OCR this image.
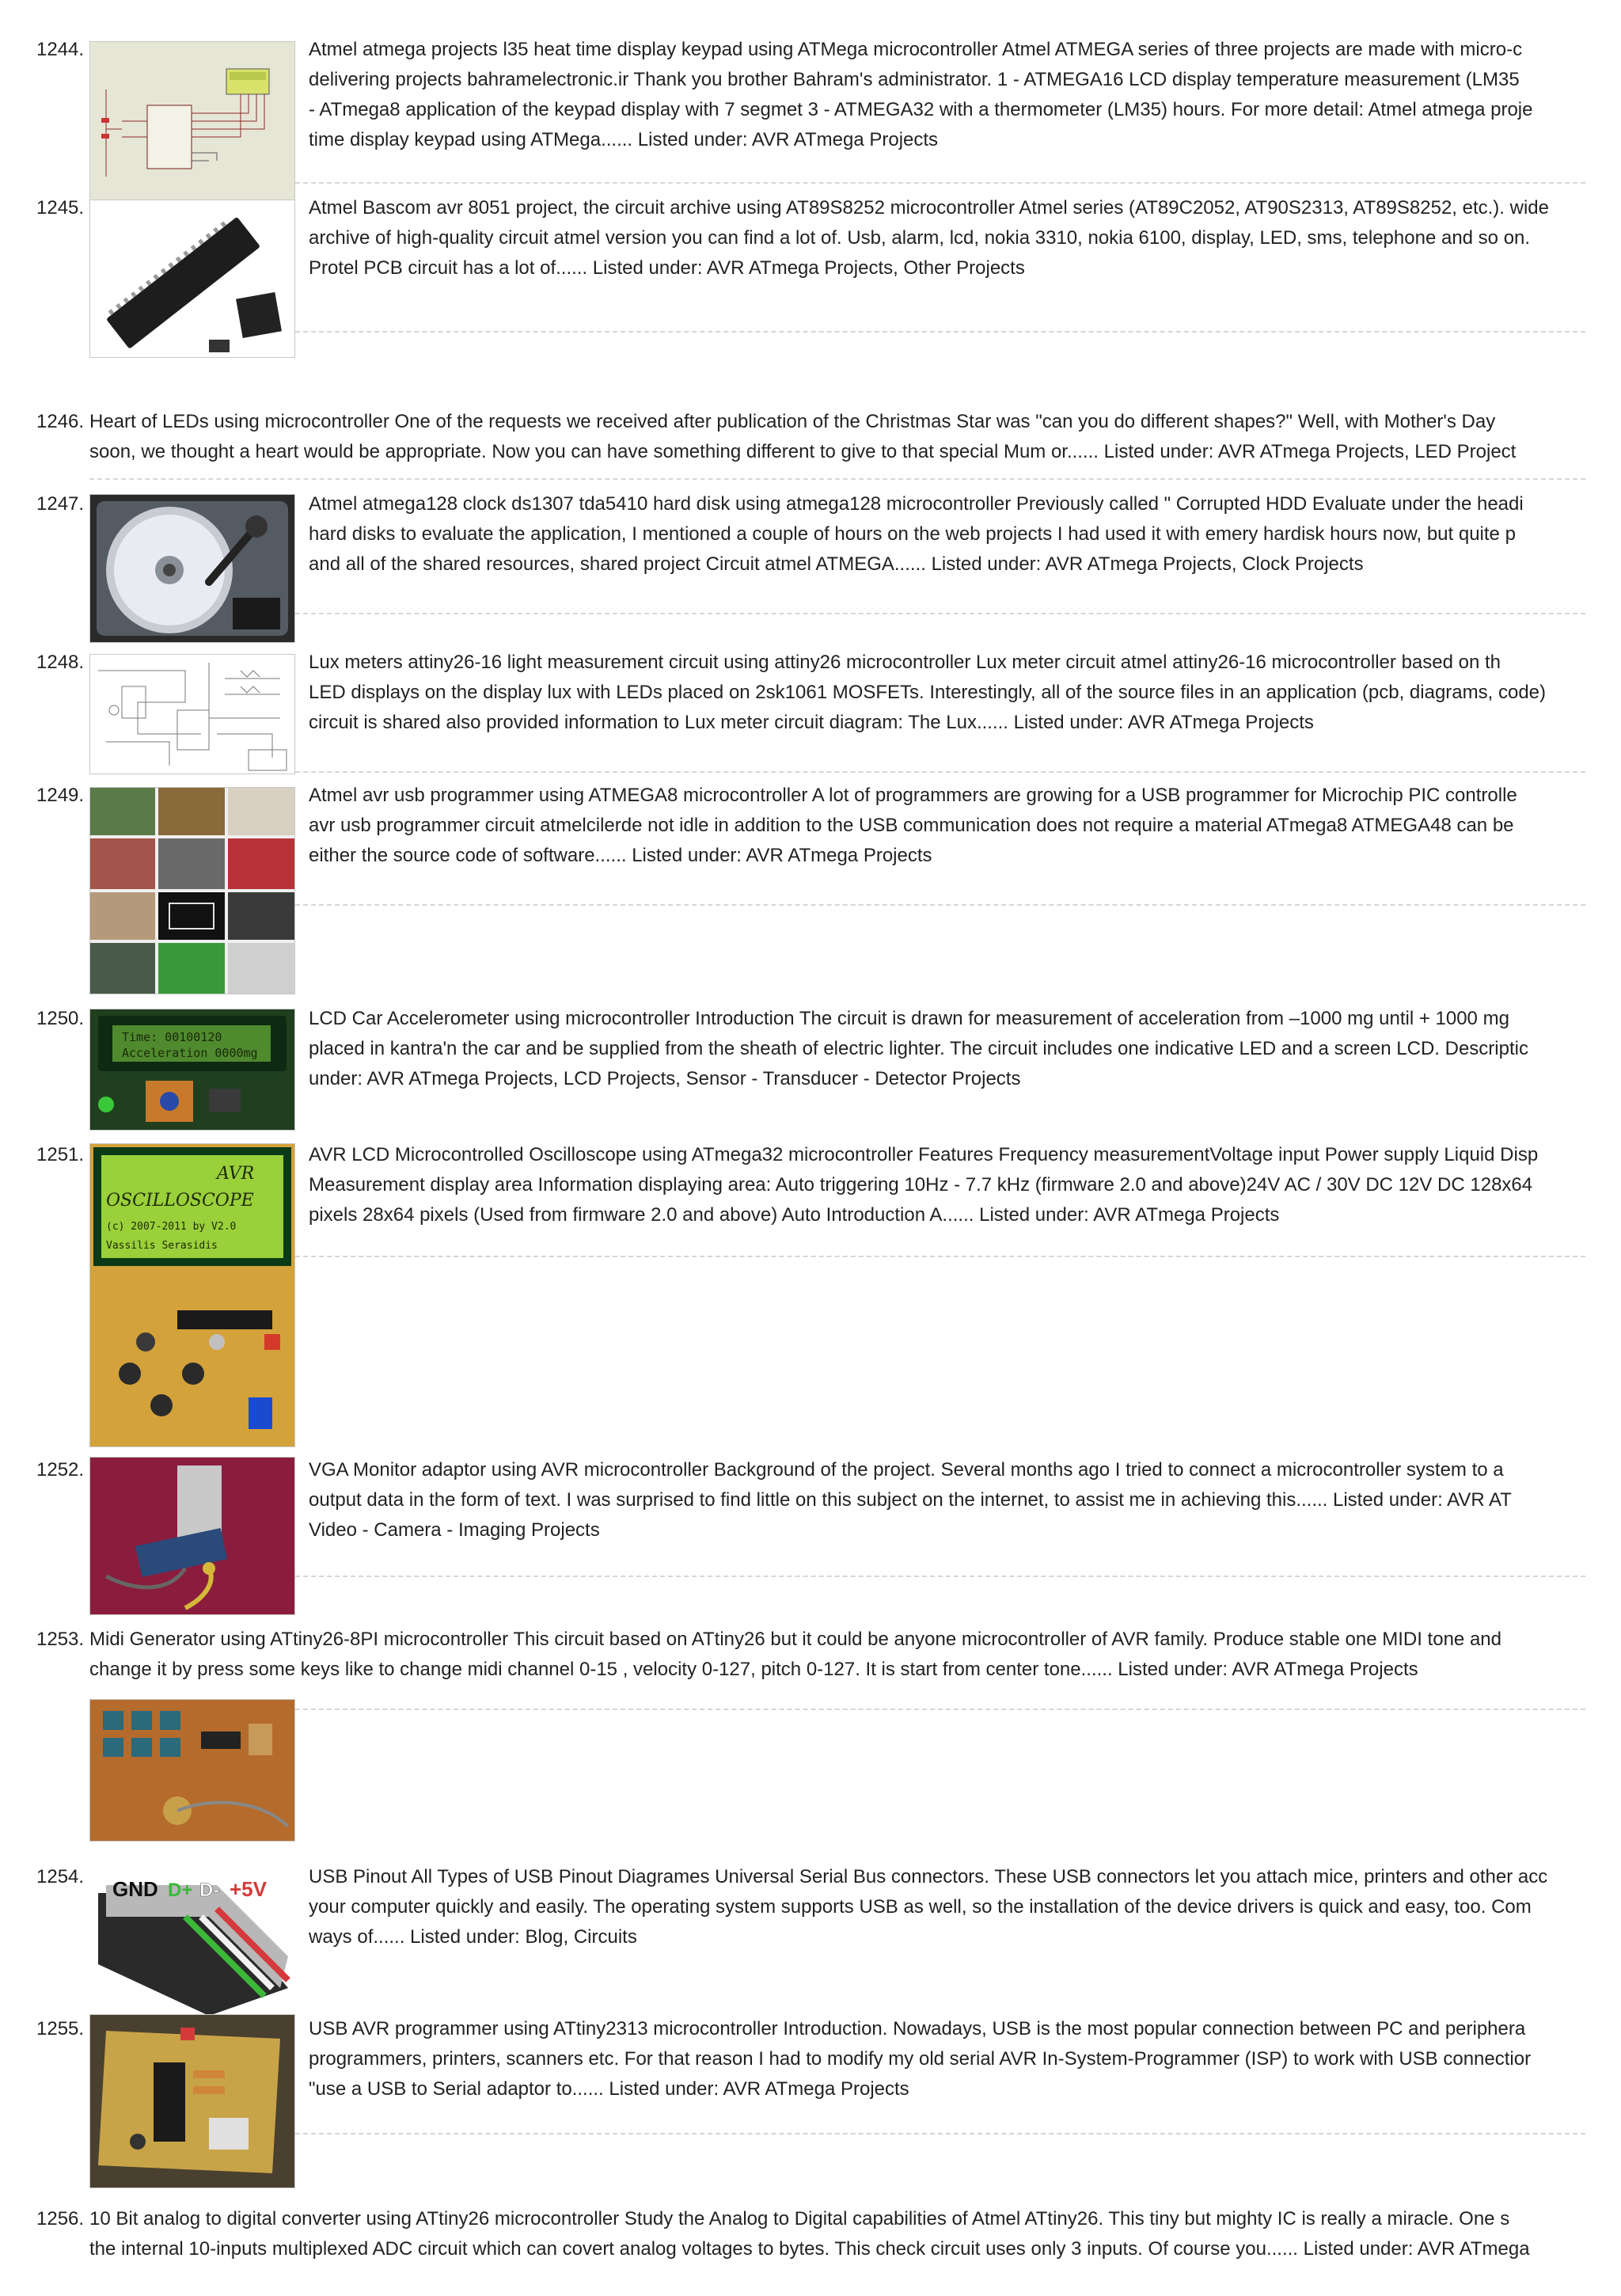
1244.	Atmel atmega projects l35 heat time display keypad using ATMega microcontroller Atmel ATMEGA series of three projects are made with micro-c
delivering projects bahramelectronic.ir Thank you brother Bahram's administrator. 1 - ATMEGA16 LCD display temperature measurement (LM35
- ATmega8 application of the keypad display with 7 segmet 3 - ATMEGA32 with a thermometer (LM35) hours. For more detail: Atmel atmega proje
time display keypad using ATMega...... Listed under: AVR ATmega Projects
1245.	Atmel Bascom avr 8051 project, the circuit archive using AT89S8252 microcontroller Atmel series (AT89C2052, AT90S2313, AT89S8252, etc.). wide
archive of high-quality circuit atmel version you can find a lot of. Usb, alarm, lcd, nokia 3310, nokia 6100, display, LED, sms, telephone and so on.
Protel PCB circuit has a lot of...... Listed under: AVR ATmega Projects, Other Projects
1246. Heart of LEDs using microcontroller One of the requests we received after publication of the Christmas Star was "can you do different shapes?" Well, with Mother's Day
soon, we thought a heart would be appropriate. Now you can have something different to give to that special Mum or...... Listed under: AVR ATmega Projects, LED Project
1247.	Atmel atmega128 clock ds1307 tda5410 hard disk using atmega128 microcontroller Previously called " Corrupted HDD Evaluate under the headi
hard disks to evaluate the application, I mentioned a couple of hours on the web projects I had used it with emery hardisk hours now, but quite p
and all of the shared resources, shared project Circuit atmel ATMEGA...... Listed under: AVR ATmega Projects, Clock Projects
1248.	Lux meters attiny26-16 light measurement circuit using attiny26 microcontroller Lux meter circuit atmel attiny26-16 microcontroller based on th
LED displays on the display lux with LEDs placed on 2sk1061 MOSFETs. Interestingly, all of the source files in an application (pcb, diagrams, code)
circuit is shared also provided information to Lux meter circuit diagram: The Lux...... Listed under: AVR ATmega Projects
1249.	Atmel avr usb programmer using ATMEGA8 microcontroller A lot of programmers are growing for a USB programmer for Microchip PIC controlle
avr usb programmer circuit atmelcilerde not idle in addition to the USB communication does not require a material ATmega8 ATMEGA48 can be
either the source code of software...... Listed under: AVR ATmega Projects
1250.
Time: 00100120
Acceleration 0000mg
LCD Car Accelerometer using microcontroller Introduction The circuit is drawn for measurement of acceleration from –1000 mg until + 1000 mg
placed in kantra'n the car and be supplied from the sheath of electric lighter. The circuit includes one indicative LED and a screen LCD. Descriptic
under: AVR ATmega Projects, LCD Projects, Sensor - Transducer - Detector Projects
1251.
AVR
OSCILLOSCOPE
(c) 2007-2011 by V2.0
Vassilis Serasidis
AVR LCD Microcontrolled Oscilloscope using ATmega32 microcontroller Features Frequency measurementVoltage input Power supply Liquid Disp
Measurement display area Information displaying area: Auto triggering 10Hz - 7.7 kHz (firmware 2.0 and above)24V AC / 30V DC 12V DC 128x64
pixels 28x64 pixels (Used from firmware 2.0 and above) Auto Introduction A...... Listed under: AVR ATmega Projects
1252.	VGA Monitor adaptor using AVR microcontroller Background of the project. Several months ago I tried to connect a microcontroller system to a
output data in the form of text. I was surprised to find little on this subject on the internet, to assist me in achieving this...... Listed under: AVR AT
Video - Camera - Imaging Projects
1253. Midi Generator using ATtiny26-8PI microcontroller This circuit based on ATtiny26 but it could be anyone microcontroller of AVR family. Produce stable one MIDI tone and
change it by press some keys like to change midi channel 0-15 , velocity 0-127, pitch 0-127. It is start from center tone...... Listed under: AVR ATmega Projects
1254.
GND D+ D- +5V
USB Pinout All Types of USB Pinout Diagrames Universal Serial Bus connectors. These USB connectors let you attach mice, printers and other acc
your computer quickly and easily. The operating system supports USB as well, so the installation of the device drivers is quick and easy, too. Com
ways of...... Listed under: Blog, Circuits
1255.	USB AVR programmer using ATtiny2313 microcontroller Introduction. Nowadays, USB is the most popular connection between PC and periphera
programmers, printers, scanners etc. For that reason I had to modify my old serial AVR In-System-Programmer (ISP) to work with USB connectior
"use a USB to Serial adaptor to...... Listed under: AVR ATmega Projects
1256. 10 Bit analog to digital converter using ATtiny26 microcontroller Study the Analog to Digital capabilities of Atmel ATtiny26. This tiny but mighty IC is really a miracle. One s
the internal 10-inputs multiplexed ADC circuit which can covert analog voltages to bytes. This check circuit uses only 3 inputs. Of course you...... Listed under: AVR ATmega
